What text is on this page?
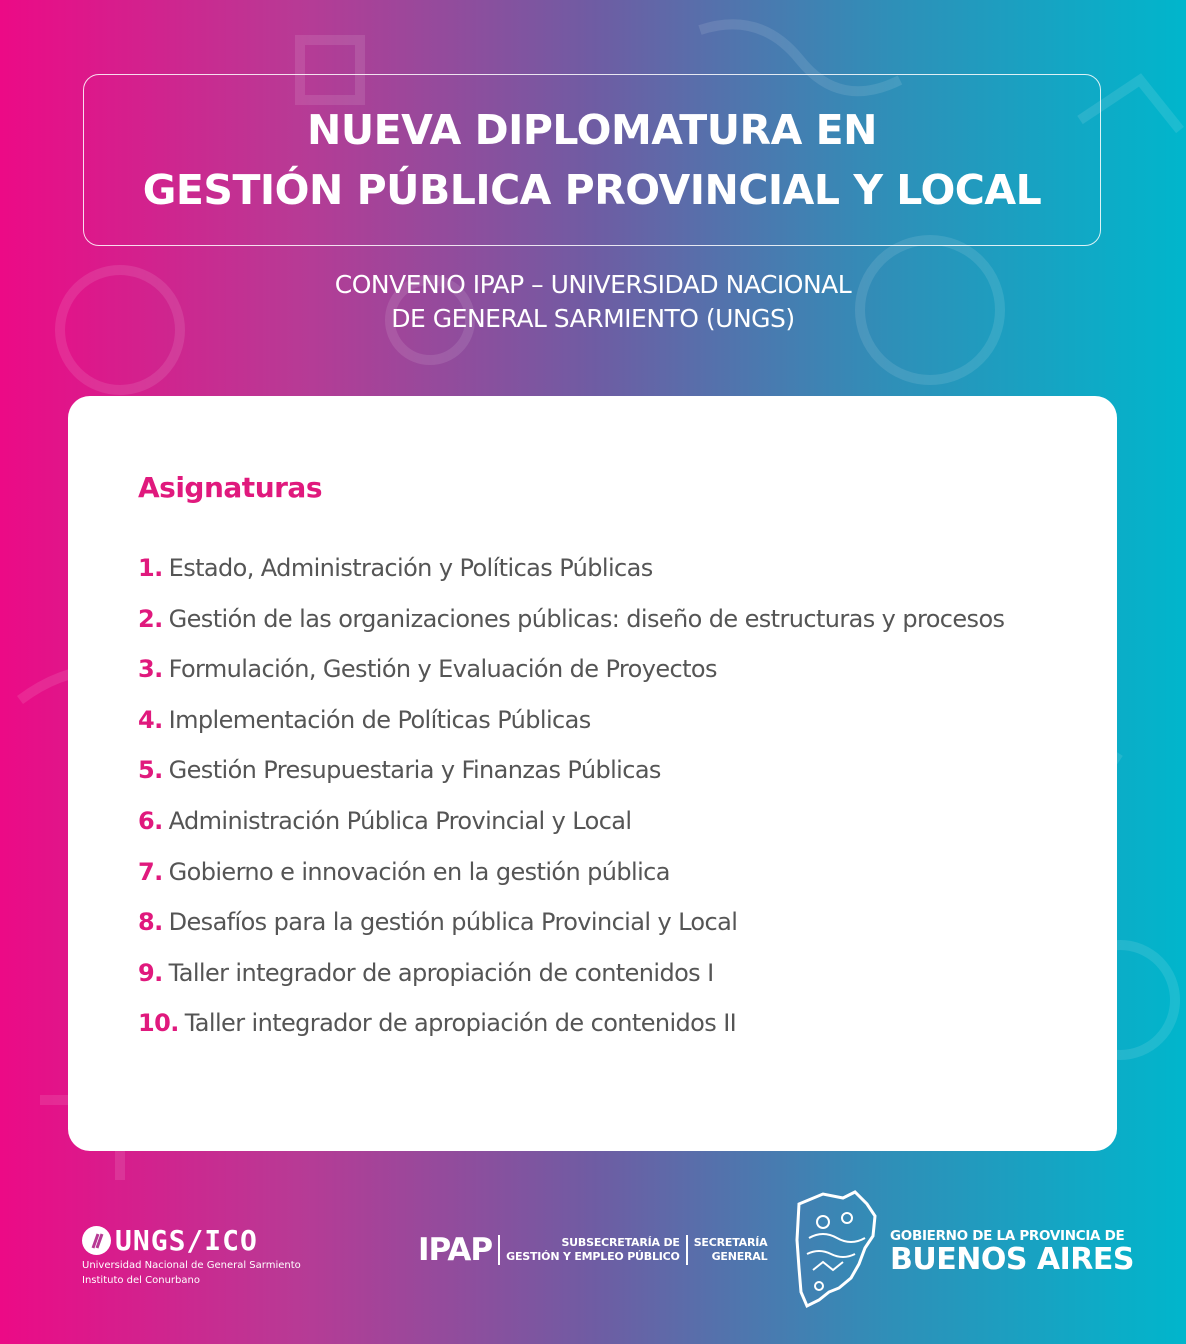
NUEVA DIPLOMATURA EN
GESTIÓN PÚBLICA PROVINCIAL Y LOCAL
CONVENIO IPAP – UNIVERSIDAD NACIONAL
DE GENERAL SARMIENTO (UNGS)
Asignaturas
1. Estado, Administración y Políticas Públicas
2. Gestión de las organizaciones públicas: diseño de estructuras y procesos
3. Formulación, Gestión y Evaluación de Proyectos
4. Implementación de Políticas Públicas
5. Gestión Presupuestaria y Finanzas Públicas
6. Administración Pública Provincial y Local
7. Gobierno e innovación en la gestión pública
8. Desafíos para la gestión pública Provincial y Local
9. Taller integrador de apropiación de contenidos I
10. Taller integrador de apropiación de contenidos II
UNGS/ICO
Universidad Nacional de General Sarmiento
Instituto del Conurbano
IPAP	SUBSECRETARÍA DE
GESTIÓN Y EMPLEO PÚBLICO
SECRETARÍA
GENERAL
GOBIERNO DE LA PROVINCIA DE
BUENOS AIRES
